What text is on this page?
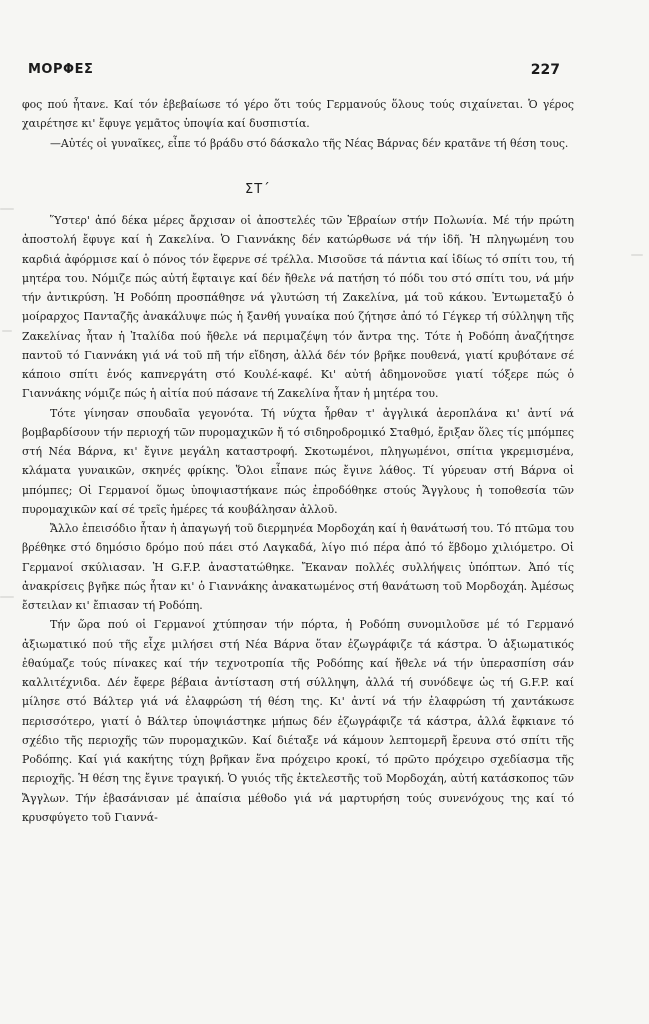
ΜΟΡΦΕΣ	227

φος πού ἦτανε. Καί τόν ἐβεβαίωσε τό γέρο ὅτι τούς Γερμανούς ὅλους τούς σιχαίνεται. Ὁ γέρος χαιρέτησε κι' ἔφυγε γεμᾶτος ὑποψία καί δυσπιστία.

—Αὐτές οἱ γυναῖκες, εἶπε τό βράδυ στό δάσκαλο τῆς Νέας Βάρνας δέν κρατᾶνε τή θέση τους.

ΣΤ΄

Ὕστερ' ἀπό δέκα μέρες ἄρχισαν οἱ ἀποστελές τῶν Ἑβραίων στήν Πολωνία. Μέ τήν πρώτη ἀποστολή ἔφυγε καί ἡ Ζακελίνα. Ὁ Γιαννάκης δέν κατώρθωσε νά τήν ἰδῆ. Ἡ πληγωμένη του καρδιά ἀφόρμισε καί ὁ πόνος τόν ἔφερνε σέ τρέλλα. Μισοῦσε τά πάντια καί ἰδίως τό σπίτι του, τή μητέρα του. Νόμιζε πώς αὐτή ἔφταιγε καί δέν ἤθελε νά πατήση τό πόδι του στό σπίτι του, νά μήν τήν ἀντικρύση. Ἡ Ροδόπη προσπάθησε νά γλυτώση τή Ζακελίνα, μά τοῦ κάκου. Ἐντωμεταξύ ὁ μοίραρχος Πανταζῆς ἀνακάλυψε πώς ἡ ξανθή γυναίκα πού ζήτησε ἀπό τό Γέγκερ τή σύλληψη τῆς Ζακελίνας ἦταν ἡ Ἰταλίδα πού ἤθελε νά περιμαζέψη τόν ἄντρα της. Τότε ἡ Ροδόπη ἀναζήτησε παντοῦ τό Γιαννάκη γιά νά τοῦ πῆ τήν εἴδηση, ἀλλά δέν τόν βρῆκε πουθενά, γιατί κρυβότανε σέ κάποιο σπίτι ἑνός καπνεργάτη στό Κουλέ-καφέ. Κι' αὐτή ἀδημονοῦσε γιατί τόξερε πώς ὁ Γιαννάκης νόμιζε πώς ἡ αἰτία πού πάσανε τή Ζακελίνα ἦταν ἡ μητέρα του.

Τότε γίνησαν σπουδαῖα γεγονότα. Τή νύχτα ἦρθαν τ' ἀγγλικά ἀεροπλάνα κι' ἀντί νά βομβαρδίσουν τήν περιοχή τῶν πυρομαχικῶν ἤ τό σιδηροδρομικό Σταθμό, ἔριξαν ὅλες τίς μπόμπες στή Νέα Βάρνα, κι' ἔγινε μεγάλη καταστροφή. Σκοτωμένοι, πληγωμένοι, σπίτια γκρεμισμένα, κλάματα γυναικῶν, σκηνές φρίκης. Ὅλοι εἶπανε πώς ἔγινε λάθος. Τί γύρευαν στή Βάρνα οἱ μπόμπες; Οἱ Γερμανοί ὅμως ὑποψιαστήκανε πώς ἐπροδόθηκε στούς Ἄγγλους ἡ τοποθεσία τῶν πυρομαχικῶν καί σέ τρεῖς ἡμέρες τά κουβάλησαν ἀλλοῦ.

Ἄλλο ἐπεισόδιο ἦταν ἡ ἀπαγωγή τοῦ διερμηνέα Μορδοχάη καί ἡ θανάτωσή του. Τό πτῶμα του βρέθηκε στό δημόσιο δρόμο πού πάει στό Λαγκαδά, λίγο πιό πέρα ἀπό τό ἕβδομο χιλιόμετρο. Οἱ Γερμανοί σκύλιασαν. Ἡ G.F.P. ἀναστατώθηκε. Ἔκαναν πολλές συλλήψεις ὑπόπτων. Ἀπό τίς ἀνακρίσεις βγῆκε πώς ἦταν κι' ὁ Γιαννάκης ἀνακατωμένος στή θανάτωση τοῦ Μορδοχάη. Ἀμέσως ἔστειλαν κι' ἔπιασαν τή Ροδόπη.

Τήν ὥρα πού οἱ Γερμανοί χτύπησαν τήν πόρτα, ἡ Ροδόπη συνομιλοῦσε μέ τό Γερμανό ἀξιωματικό πού τῆς εἶχε μιλήσει στή Νέα Βάρνα ὅταν ἐζωγράφιζε τά κάστρα. Ὁ ἀξιωματικός ἐθαύμαζε τούς πίνακες καί τήν τεχνοτροπία τῆς Ροδόπης καί ἤθελε νά τήν ὑπερασπίση σάν καλλιτέχνιδα. Δέν ἔφερε βέβαια ἀντίσταση στή σύλληψη, ἀλλά τή συνόδεψε ὡς τή G.F.P. καί μίλησε στό Βάλτερ γιά νά ἐλαφρώση τή θέση της. Κι' ἀντί νά τήν ἐλαφρώση τή χαντάκωσε περισσότερο, γιατί ὁ Βάλτερ ὑποψιάστηκε μήπως δέν ἐζωγράφιζε τά κάστρα, ἀλλά ἔφκιανε τό σχέδιο τῆς περιοχῆς τῶν πυρομαχικῶν. Καί διέταξε νά κάμουν λεπτομερῆ ἔρευνα στό σπίτι τῆς Ροδόπης. Καί γιά κακήτης τύχη βρῆκαν ἕνα πρόχειρο κροκί, τό πρῶτο πρόχειρο σχεδίασμα τῆς περιοχῆς. Ἡ θέση της ἔγινε τραγική. Ὁ γυιός τῆς ἐκτελεστῆς τοῦ Μορδοχάη, αὐτή κατάσκοπος τῶν Ἄγγλων. Τήν ἐβασάνισαν μέ ἀπαίσια μέθοδο γιά νά μαρτυρήση τούς συνενόχους της καί τό κρυσφύγετο τοῦ Γιαννά-
